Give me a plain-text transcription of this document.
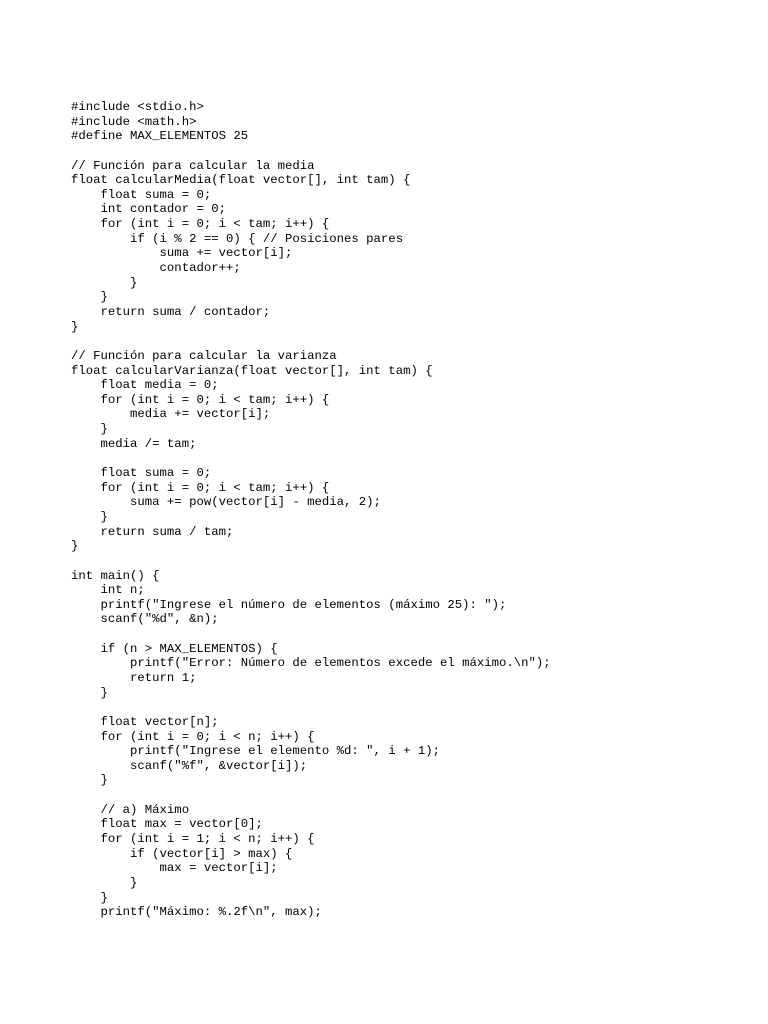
#include <stdio.h>
#include <math.h>
#define MAX_ELEMENTOS 25
// Función para calcular la media
float calcularMedia(float vector[], int tam) {
float suma = 0;
int contador = 0;
for (int i = 0; i < tam; i++) {
if (i % 2 == 0) { // Posiciones pares
suma += vector[i];
contador++;
}
}
return suma / contador;
}
// Función para calcular la varianza
float calcularVarianza(float vector[], int tam) {
float media = 0;
for (int i = 0; i < tam; i++) {
media += vector[i];
}
media /= tam;
float suma = 0;
for (int i = 0; i < tam; i++) {
suma += pow(vector[i] - media, 2);
}
return suma / tam;
}
int main() {
int n;
printf("Ingrese el número de elementos (máximo 25): ");
scanf("%d", &n);
if (n > MAX_ELEMENTOS) {
printf("Error: Número de elementos excede el máximo.\n");
return 1;
}
float vector[n];
for (int i = 0; i < n; i++) {
printf("Ingrese el elemento %d: ", i + 1);
scanf("%f", &vector[i]);
}
// a) Máximo
float max = vector[0];
for (int i = 1; i < n; i++) {
if (vector[i] > max) {
max = vector[i];
}
}
printf("Máximo: %.2f\n", max);
